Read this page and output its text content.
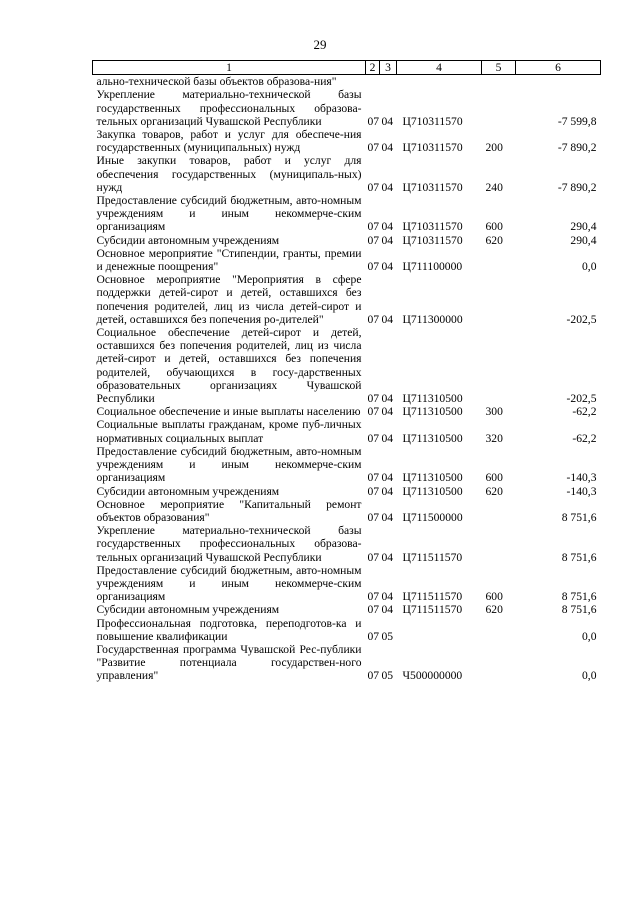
29
1	2	3	4	5	6
ально-технической базы объектов образова-ния"					
Укрепление материально-технической базы государственных профессиональных образова-тельных организаций Чувашской Республики	07	04	Ц710311570		-7 599,8
Закупка товаров, работ и услуг для обеспече-ния государственных (муниципальных) нужд	07	04	Ц710311570	200	-7 890,2
Иные закупки товаров, работ и услуг для обеспечения государственных (муниципаль-ных) нужд	07	04	Ц710311570	240	-7 890,2
Предоставление субсидий бюджетным, авто-номным учреждениям и иным некоммерче-ским организациям	07	04	Ц710311570	600	290,4
Субсидии автономным учреждениям	07	04	Ц710311570	620	290,4
Основное мероприятие "Стипендии, гранты, премии и денежные поощрения"	07	04	Ц711100000		0,0
Основное мероприятие "Мероприятия в сфере поддержки детей-сирот и детей, оставшихся без попечения родителей, лиц из числа детей-сирот и детей, оставшихся без попечения ро-дителей"	07	04	Ц711300000		-202,5
Социальное обеспечение детей-сирот и детей, оставшихся без попечения родителей, лиц из числа детей-сирот и детей, оставшихся без попечения родителей, обучающихся в госу-дарственных образовательных организациях Чувашской Республики	07	04	Ц711310500		-202,5
Социальное обеспечение и иные выплаты населению	07	04	Ц711310500	300	-62,2
Социальные выплаты гражданам, кроме пуб-личных нормативных социальных выплат	07	04	Ц711310500	320	-62,2
Предоставление субсидий бюджетным, авто-номным учреждениям и иным некоммерче-ским организациям	07	04	Ц711310500	600	-140,3
Субсидии автономным учреждениям	07	04	Ц711310500	620	-140,3
Основное мероприятие "Капитальный ремонт объектов образования"	07	04	Ц711500000		8 751,6
Укрепление материально-технической базы государственных профессиональных образова-тельных организаций Чувашской Республики	07	04	Ц711511570		8 751,6
Предоставление субсидий бюджетным, авто-номным учреждениям и иным некоммерче-ским организациям	07	04	Ц711511570	600	8 751,6
Субсидии автономным учреждениям	07	04	Ц711511570	620	8 751,6
Профессиональная подготовка, переподготов-ка и повышение квалификации	07	05			0,0
Государственная программа Чувашской Рес-публики "Развитие потенциала государствен-ного управления"	07	05	Ч500000000		0,0
